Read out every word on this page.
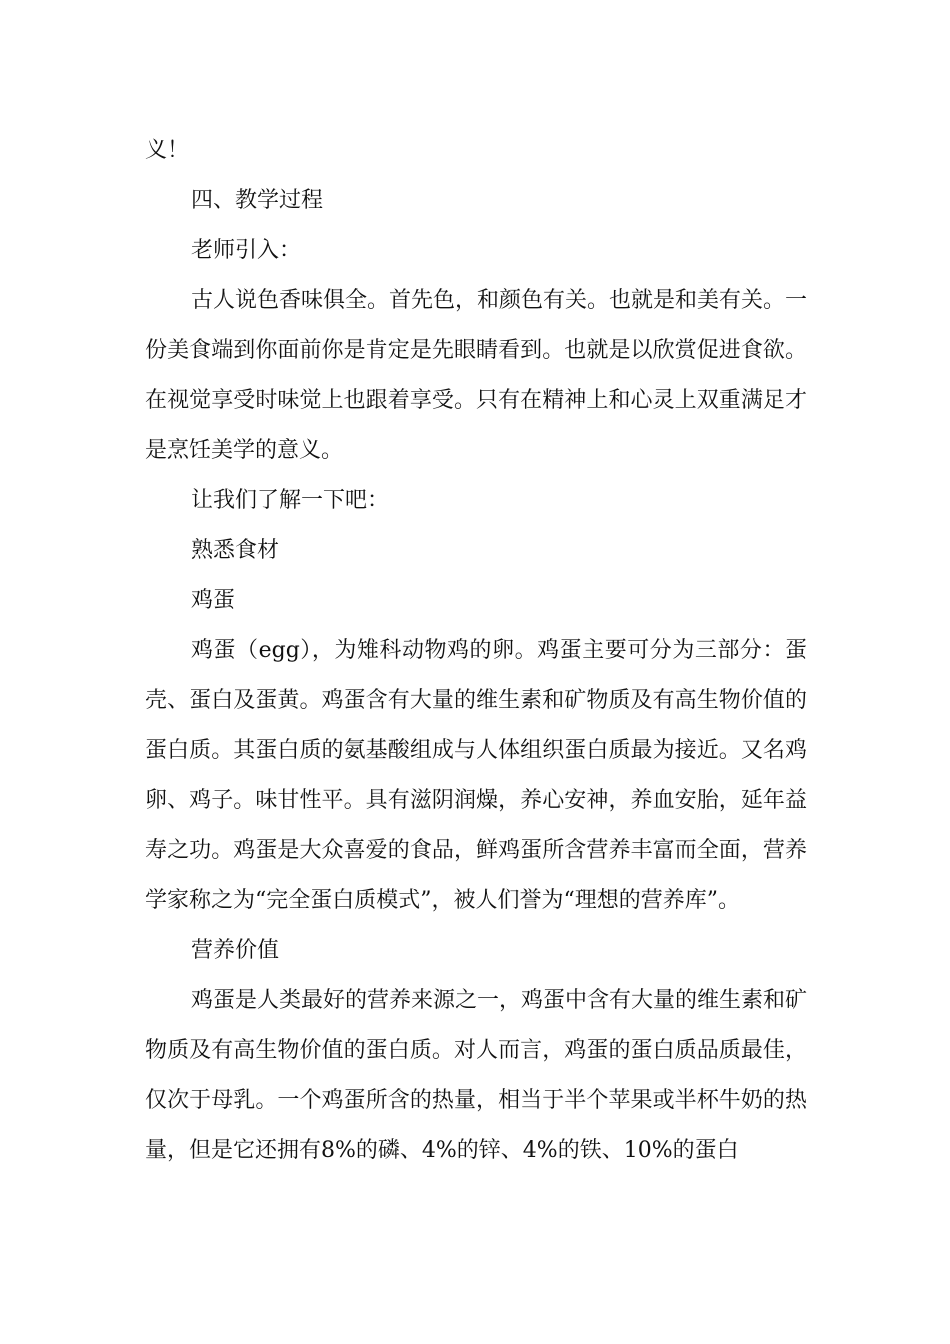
义！

四、教学过程

老师引入：

古人说色香味俱全。首先色，和颜色有关。也就是和美有关。一份美食端到你面前你是肯定是先眼睛看到。也就是以欣赏促进食欲。在视觉享受时味觉上也跟着享受。只有在精神上和心灵上双重满足才是烹饪美学的意义。

让我们了解一下吧：

熟悉食材

鸡蛋

鸡蛋（egg），为雉科动物鸡的卵。鸡蛋主要可分为三部分：蛋壳、蛋白及蛋黄。鸡蛋含有大量的维生素和矿物质及有高生物价值的蛋白质。其蛋白质的氨基酸组成与人体组织蛋白质最为接近。又名鸡卵、鸡子。味甘性平。具有滋阴润燥，养心安神，养血安胎，延年益寿之功。鸡蛋是大众喜爱的食品，鲜鸡蛋所含营养丰富而全面，营养学家称之为“完全蛋白质模式”，被人们誉为“理想的营养库”。

营养价值

鸡蛋是人类最好的营养来源之一，鸡蛋中含有大量的维生素和矿物质及有高生物价值的蛋白质。对人而言，鸡蛋的蛋白质品质最佳，仅次于母乳。一个鸡蛋所含的热量，相当于半个苹果或半杯牛奶的热量，但是它还拥有8%的磷、4%的锌、4%的铁、10%的蛋白
